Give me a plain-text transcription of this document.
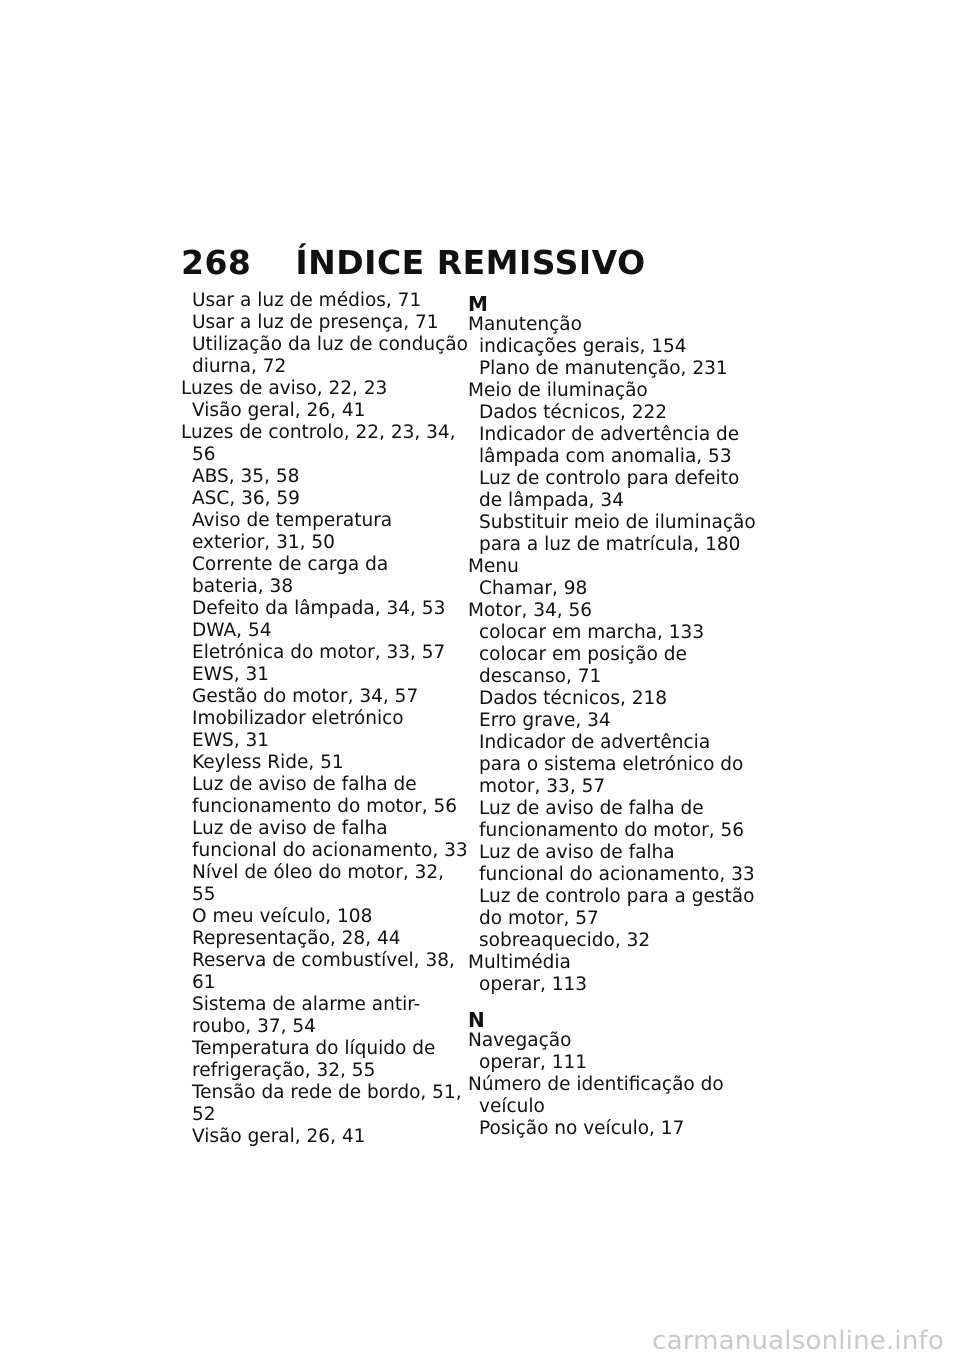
268 ÍNDICE REMISSIVO
Usar a luz de médios, 71
Usar a luz de presença, 71
Utilização da luz de condução
diurna, 72
Luzes de aviso, 22, 23
Visão geral, 26, 41
Luzes de controlo, 22, 23, 34,
56
ABS, 35, 58
ASC, 36, 59
Aviso de temperatura
exterior, 31, 50
Corrente de carga da
bateria, 38
Defeito da lâmpada, 34, 53
DWA, 54
Eletrónica do motor, 33, 57
EWS, 31
Gestão do motor, 34, 57
Imobilizador eletrónico
EWS, 31
Keyless Ride, 51
Luz de aviso de falha de
funcionamento do motor, 56
Luz de aviso de falha
funcional do acionamento, 33
Nível de óleo do motor, 32,
55
O meu veículo, 108
Representação, 28, 44
Reserva de combustível, 38,
61
Sistema de alarme antir-
roubo, 37, 54
Temperatura do líquido de
refrigeração, 32, 55
Tensão da rede de bordo, 51,
52
Visão geral, 26, 41
M
Manutenção
indicações gerais, 154
Plano de manutenção, 231
Meio de iluminação
Dados técnicos, 222
Indicador de advertência de
lâmpada com anomalia, 53
Luz de controlo para defeito
de lâmpada, 34
Substituir meio de iluminação
para a luz de matrícula, 180
Menu
Chamar, 98
Motor, 34, 56
colocar em marcha, 133
colocar em posição de
descanso, 71
Dados técnicos, 218
Erro grave, 34
Indicador de advertência
para o sistema eletrónico do
motor, 33, 57
Luz de aviso de falha de
funcionamento do motor, 56
Luz de aviso de falha
funcional do acionamento, 33
Luz de controlo para a gestão
do motor, 57
sobreaquecido, 32
Multimédia
operar, 113
N
Navegação
operar, 111
Número de identificação do
veículo
Posição no veículo, 17
carmanualsonline.info
